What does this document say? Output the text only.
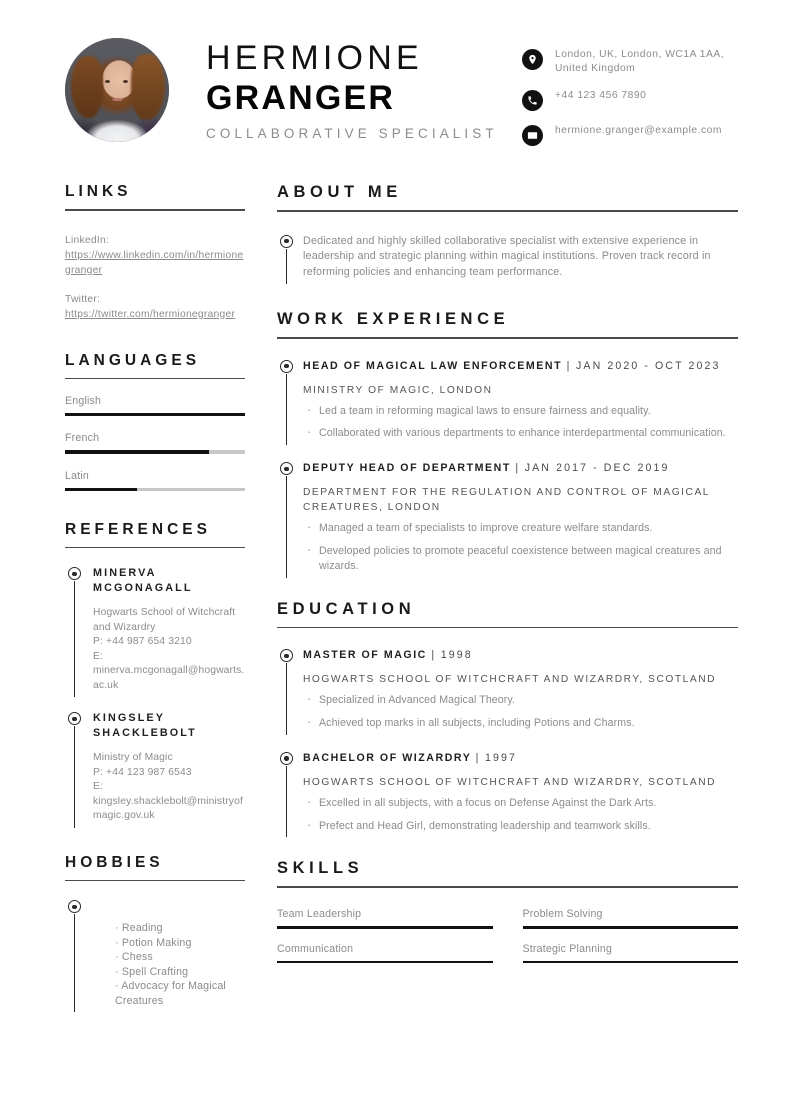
HERMIONE
GRANGER
COLLABORATIVE SPECIALIST
London, UK, London, WC1A 1AA, United Kingdom
+44 123 456 7890
hermione.granger@example.com
LINKS
LinkedIn:
https://www.linkedin.com/in/hermionegranger
Twitter:
https://twitter.com/hermionegranger
LANGUAGES
English
French
Latin
REFERENCES
MINERVA MCGONAGALL
Hogwarts School of Witchcraft and Wizardry
P: +44 987 654 3210
E: minerva.mcgonagall@hogwarts.ac.uk
KINGSLEY SHACKLEBOLT
Ministry of Magic
P: +44 123 987 6543
E: kingsley.shacklebolt@ministryofmagic.gov.uk
HOBBIES
· Reading
· Potion Making
· Chess
· Spell Crafting
· Advocacy for Magical Creatures
ABOUT ME
Dedicated and highly skilled collaborative specialist with extensive experience in leadership and strategic planning within magical institutions. Proven track record in reforming policies and enhancing team performance.
WORK EXPERIENCE
HEAD OF MAGICAL LAW ENFORCEMENT | JAN 2020 - OCT 2023
MINISTRY OF MAGIC, LONDON
· Led a team in reforming magical laws to ensure fairness and equality.
· Collaborated with various departments to enhance interdepartmental communication.
DEPUTY HEAD OF DEPARTMENT | JAN 2017 - DEC 2019
DEPARTMENT FOR THE REGULATION AND CONTROL OF MAGICAL CREATURES, LONDON
· Managed a team of specialists to improve creature welfare standards.
· Developed policies to promote peaceful coexistence between magical creatures and wizards.
EDUCATION
MASTER OF MAGIC | 1998
HOGWARTS SCHOOL OF WITCHCRAFT AND WIZARDRY, SCOTLAND
· Specialized in Advanced Magical Theory.
· Achieved top marks in all subjects, including Potions and Charms.
BACHELOR OF WIZARDRY | 1997
HOGWARTS SCHOOL OF WITCHCRAFT AND WIZARDRY, SCOTLAND
· Excelled in all subjects, with a focus on Defense Against the Dark Arts.
· Prefect and Head Girl, demonstrating leadership and teamwork skills.
SKILLS
Team Leadership
Communication
Problem Solving
Strategic Planning
